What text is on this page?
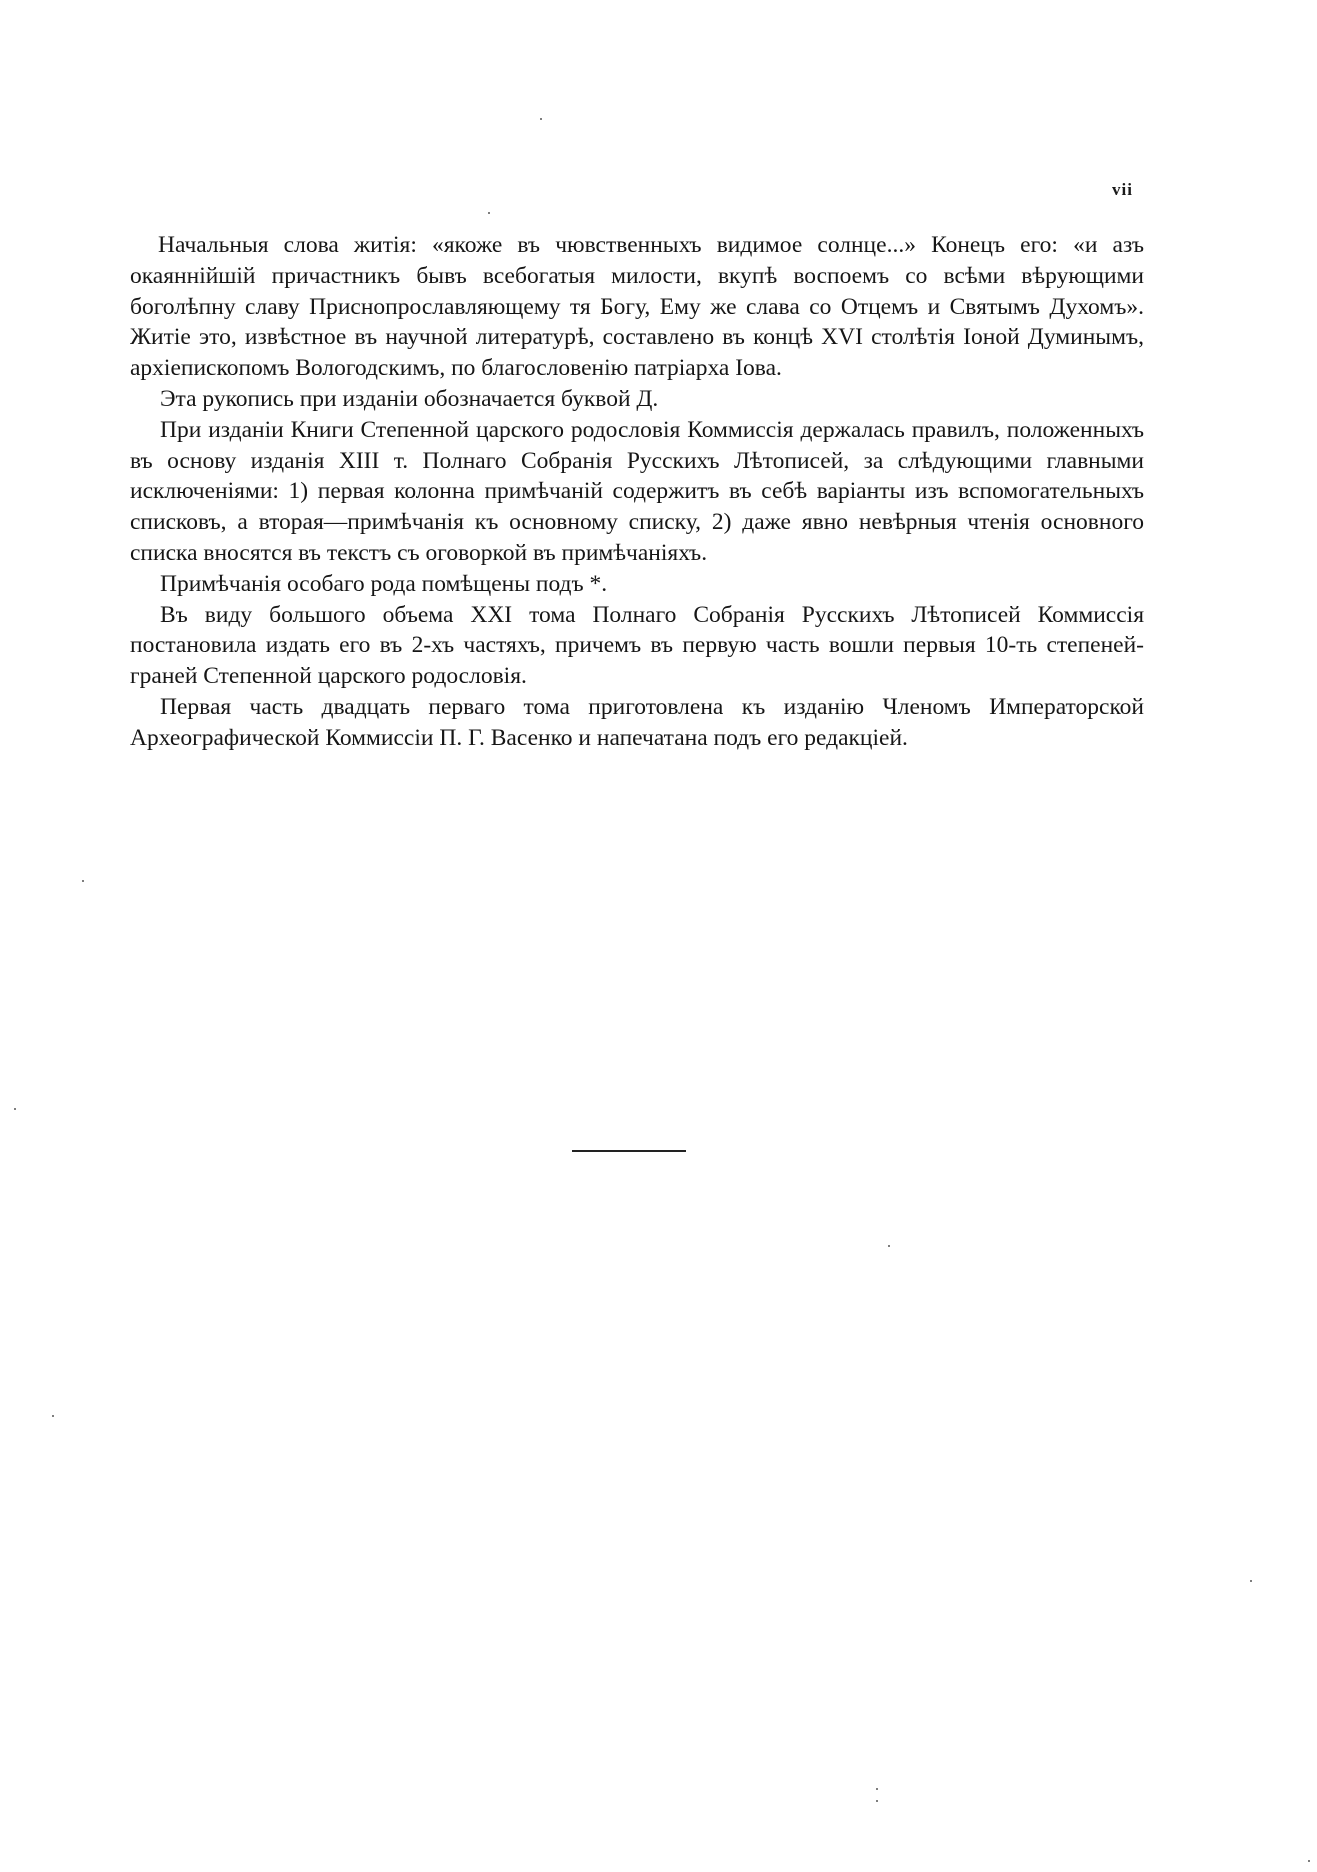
vii

Начальныя слова житія: «якоже въ чювственныхъ видимое солнце...» Конецъ его: «и азъ окаяннiйшiй причастникъ бывъ всебогатыя милости, вкупѣ воспоемъ со всѣми вѣрующими боголѣпну славу Приснопрославляющему тя Богу, Ему же слава со Отцемъ и Святымъ Духомъ». Житiе это, извѣстное въ научной литературѣ, составлено въ концѣ XVI столѣтiя Iоной Думинымъ, архiепископомъ Вологодскимъ, по благословенiю патрiарха Iова.

Эта рукопись при изданiи обозначается буквой Д.

При изданiи Книги Степенной царского родословiя Коммиссiя держалась правилъ, положенныхъ въ основу изданiя XIII т. Полнаго Собранiя Русскихъ Лѣтописей, за слѣдующими главными исключенiями: 1) первая колонна примѣчанiй содержитъ въ себѣ варiанты изъ вспомогательныхъ списковъ, а вторая—примѣчанiя къ основному списку, 2) даже явно невѣрныя чтенiя основного списка вносятся въ текстъ съ оговоркой въ примѣчанiяхъ.

Примѣчанiя особаго рода помѣщены подъ *.

Въ виду большого объема XXI тома Полнаго Собранiя Русскихъ Лѣтописей Коммиссiя постановила издать его въ 2-хъ частяхъ, причемъ въ первую часть вошли первыя 10-ть степеней-граней Степенной царского родословiя.

Первая часть двадцать перваго тома приготовлена къ изданiю Членомъ Императорской Археографической Коммиссiи П. Г. Васенко и напечатана подъ его редакцiей.
